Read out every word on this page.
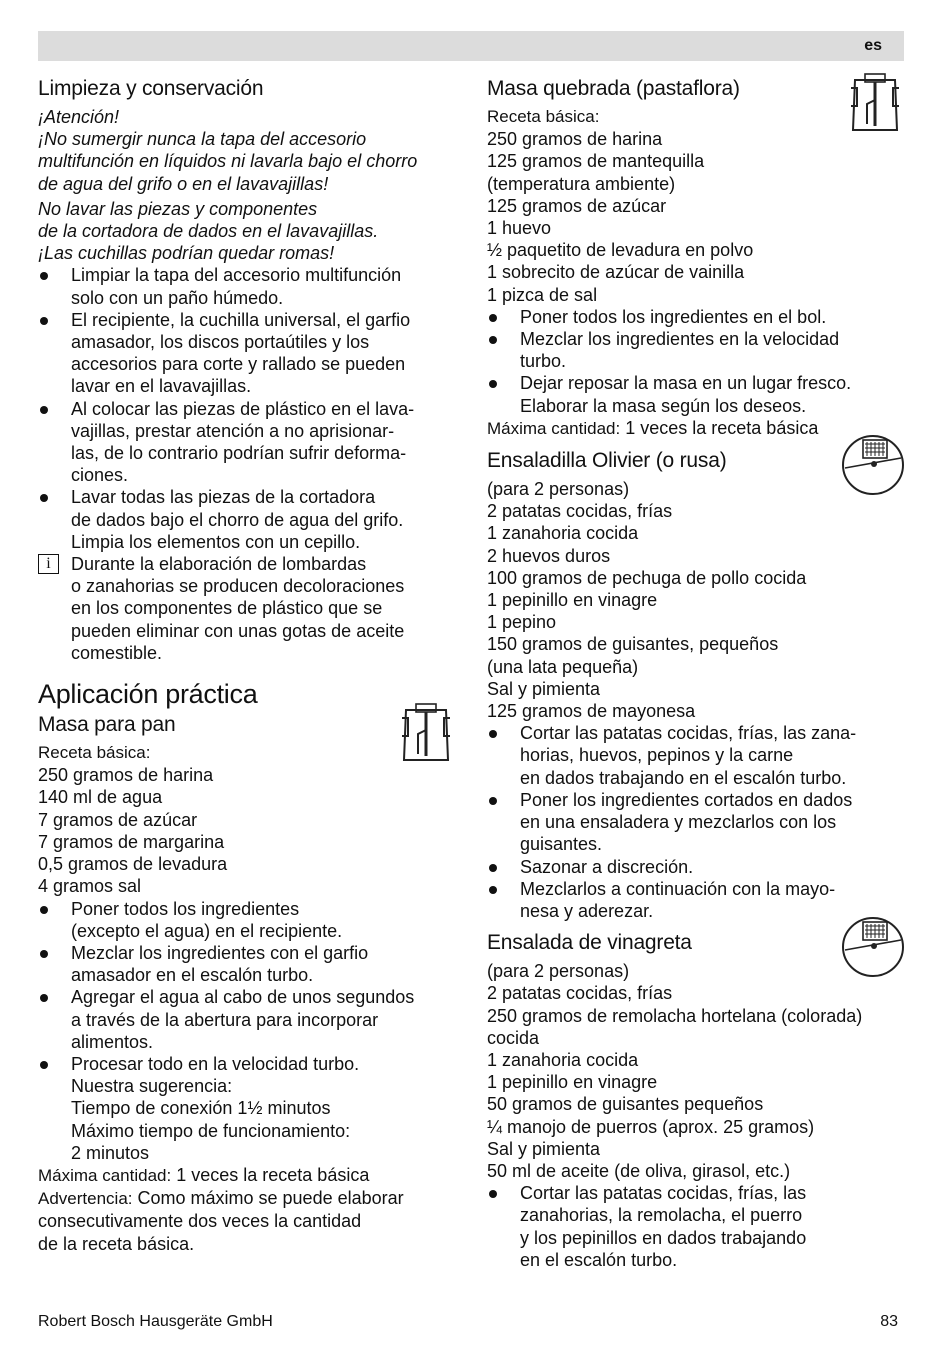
es
Limpieza y conservación
¡Atención!
¡No sumergir nunca la tapa del accesorio
multifunción en líquidos ni lavarla bajo el chorro
de agua del grifo o en el lavavajillas!
No lavar las piezas y componentes
de la cortadora de dados en el lavavajillas.
¡Las cuchillas podrían quedar romas!
Limpiar la tapa del accesorio multifunción
solo con un paño húmedo.
El recipiente, la cuchilla universal, el garfio
amasador, los discos portaútiles y los
accesorios para corte y rallado se pueden
lavar en el lavavajillas.
Al colocar las piezas de plástico en el lava-
vajillas, prestar atención a no aprisionar-
las, de lo contrario podrían sufrir deforma-
ciones.
Lavar todas las piezas de la cortadora
de dados bajo el chorro de agua del grifo.
Limpia los elementos con un cepillo.
i	Durante la elaboración de lombardas
o zanahorias se producen decoloraciones
en los componentes de plástico que se
pueden eliminar con unas gotas de aceite
comestible.
Aplicación práctica
Masa para pan
Receta básica:
250 gramos de harina
140 ml de agua
7 gramos de azúcar
7 gramos de margarina
0,5 gramos de levadura
4 gramos sal
Poner todos los ingredientes
(excepto el agua) en el recipiente.
Mezclar los ingredientes con el garfio
amasador en el escalón turbo.
Agregar el agua al cabo de unos segundos
a través de la abertura para incorporar
alimentos.
Procesar todo en la velocidad turbo.
Nuestra sugerencia:
Tiempo de conexión 1½ minutos
Máximo tiempo de funcionamiento:
2 minutos
Máxima cantidad: 1 veces la receta básica
Advertencia: Como máximo se puede elaborar
consecutivamente dos veces la cantidad
de la receta básica.
Masa quebrada (pastaflora)
Receta básica:
250 gramos de harina
125 gramos de mantequilla
(temperatura ambiente)
125 gramos de azúcar
1 huevo
½ paquetito de levadura en polvo
1 sobrecito de azúcar de vainilla
1 pizca de sal
Poner todos los ingredientes en el bol.
Mezclar los ingredientes en la velocidad
turbo.
Dejar reposar la masa en un lugar fresco.
Elaborar la masa según los deseos.
Máxima cantidad: 1 veces la receta básica
Ensaladilla Olivier (o rusa)
(para 2 personas)
2 patatas cocidas, frías
1 zanahoria cocida
2 huevos duros
100 gramos de pechuga de pollo cocida
1 pepinillo en vinagre
1 pepino
150 gramos de guisantes, pequeños
(una lata pequeña)
Sal y pimienta
125 gramos de mayonesa
Cortar las patatas cocidas, frías, las zana-
horias, huevos, pepinos y la carne
en dados trabajando en el escalón turbo.
Poner los ingredientes cortados en dados
en una ensaladera y mezclarlos con los
guisantes.
Sazonar a discreción.
Mezclarlos a continuación con la mayo-
nesa y aderezar.
Ensalada de vinagreta
(para 2 personas)
2 patatas cocidas, frías
250 gramos de remolacha hortelana (colorada)
cocida
1 zanahoria cocida
1 pepinillo en vinagre
50 gramos de guisantes pequeños
¼ manojo de puerros (aprox. 25 gramos)
Sal y pimienta
50 ml de aceite (de oliva, girasol, etc.)
Cortar las patatas cocidas, frías, las
zanahorias, la remolacha, el puerro
y los pepinillos en dados trabajando
en el escalón turbo.
Robert Bosch Hausgeräte GmbH	83
